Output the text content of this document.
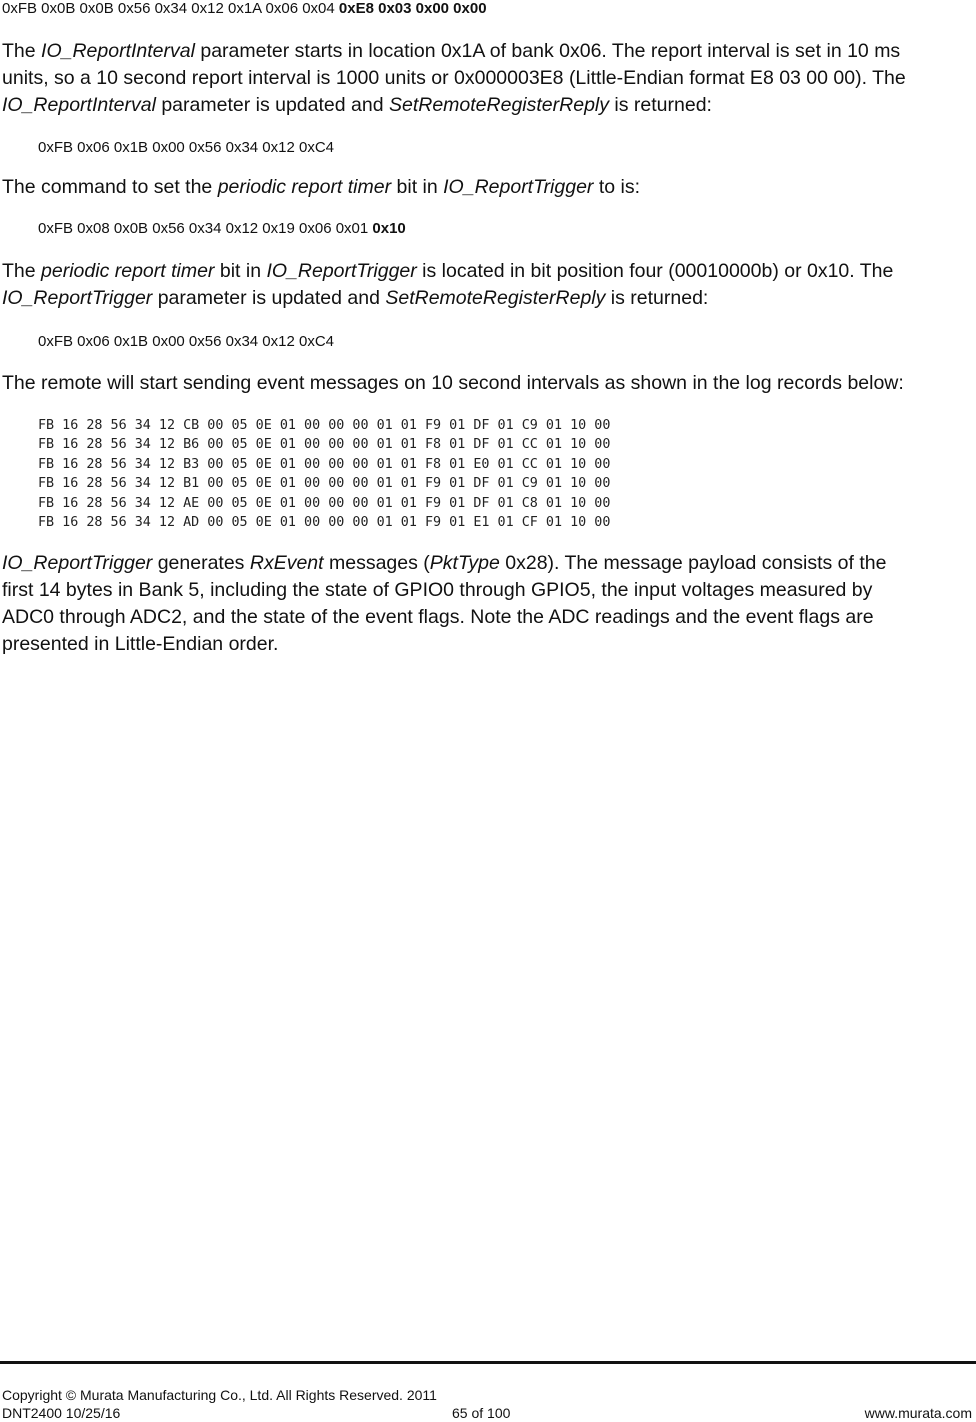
0xFB 0x0B 0x0B 0x56 0x34 0x12 0x1A 0x06 0x04 0xE8 0x03 0x00 0x00
The IO_ReportInterval parameter starts in location 0x1A of bank 0x06. The report interval is set in 10 ms
units, so a 10 second report interval is 1000 units or 0x000003E8 (Little-Endian format E8 03 00 00). The
IO_ReportInterval parameter is updated and SetRemoteRegisterReply is returned:
0xFB 0x06 0x1B 0x00 0x56 0x34 0x12 0xC4
The command to set the periodic report timer bit in IO_ReportTrigger to is:
0xFB 0x08 0x0B 0x56 0x34 0x12 0x19 0x06 0x01 0x10
The periodic report timer bit in IO_ReportTrigger is located in bit position four (00010000b) or 0x10. The
IO_ReportTrigger parameter is updated and SetRemoteRegisterReply is returned:
0xFB 0x06 0x1B 0x00 0x56 0x34 0x12 0xC4
The remote will start sending event messages on 10 second intervals as shown in the log records below:
FB 16 28 56 34 12 CB 00 05 0E 01 00 00 00 01 01 F9 01 DF 01 C9 01 10 00
FB 16 28 56 34 12 B6 00 05 0E 01 00 00 00 01 01 F8 01 DF 01 CC 01 10 00
FB 16 28 56 34 12 B3 00 05 0E 01 00 00 00 01 01 F8 01 E0 01 CC 01 10 00
FB 16 28 56 34 12 B1 00 05 0E 01 00 00 00 01 01 F9 01 DF 01 C9 01 10 00
FB 16 28 56 34 12 AE 00 05 0E 01 00 00 00 01 01 F9 01 DF 01 C8 01 10 00
FB 16 28 56 34 12 AD 00 05 0E 01 00 00 00 01 01 F9 01 E1 01 CF 01 10 00
IO_ReportTrigger generates RxEvent messages (PktType 0x28). The message payload consists of the
first 14 bytes in Bank 5, including the state of GPIO0 through GPIO5, the input voltages measured by
ADC0 through ADC2, and the state of the event flags. Note the ADC readings and the event flags are
presented in Little-Endian order.
Copyright © Murata Manufacturing Co., Ltd. All Rights Reserved. 2011
DNT2400 10/25/16	65 of 100	www.murata.com
